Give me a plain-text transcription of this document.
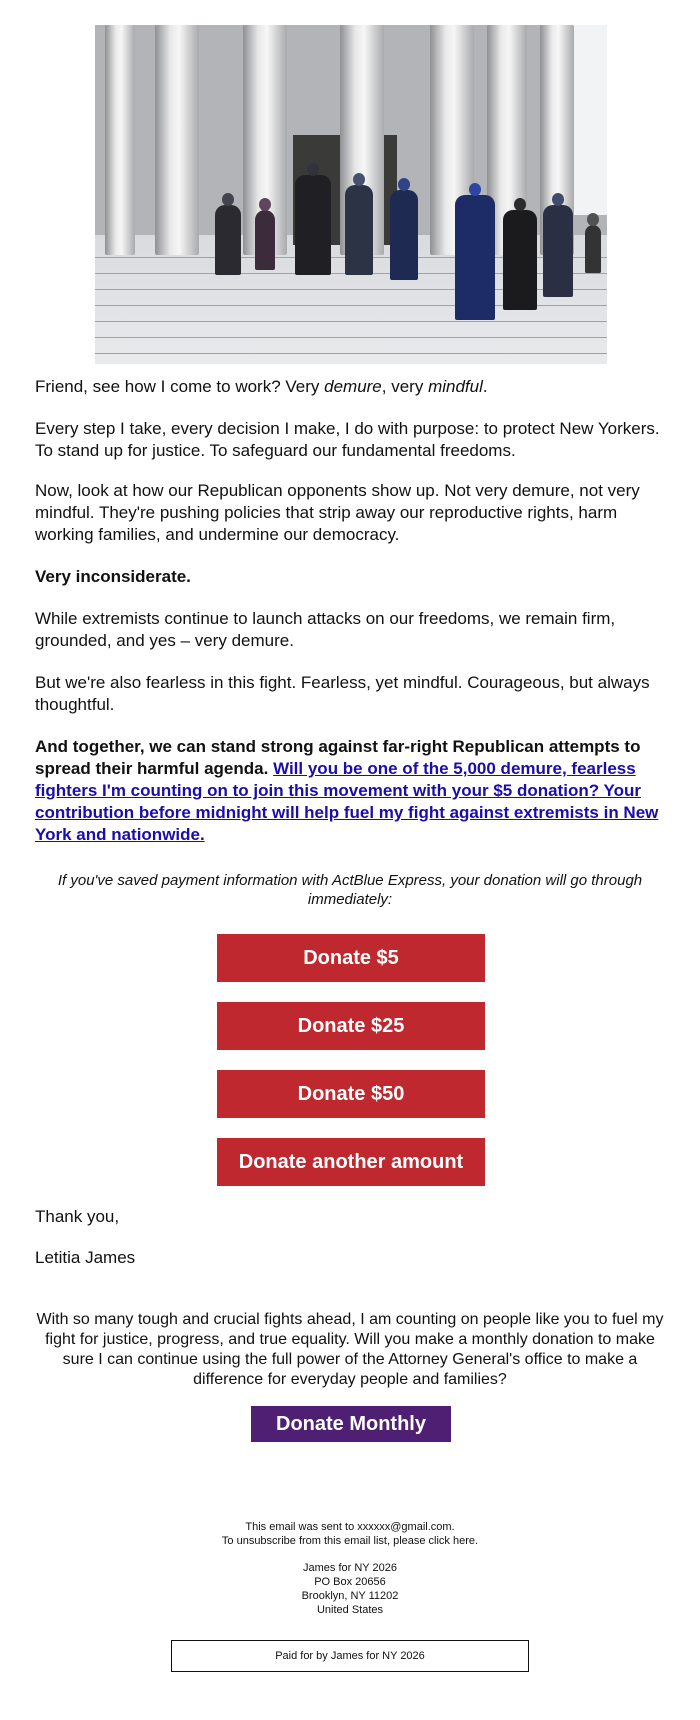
Friend, see how I come to work? Very demure, very mindful.
Every step I take, every decision I make, I do with purpose: to protect New Yorkers. To stand up for justice. To safeguard our fundamental freedoms.
Now, look at how our Republican opponents show up. Not very demure, not very mindful. They're pushing policies that strip away our reproductive rights, harm working families, and undermine our democracy.
Very inconsiderate.
While extremists continue to launch attacks on our freedoms, we remain firm, grounded, and yes – very demure.
But we're also fearless in this fight. Fearless, yet mindful. Courageous, but always thoughtful.
And together, we can stand strong against far-right Republican attempts to spread their harmful agenda. Will you be one of the 5,000 demure, fearless fighters I'm counting on to join this movement with your $5 donation? Your contribution before midnight will help fuel my fight against extremists in New York and nationwide.
If you've saved payment information with ActBlue Express, your donation will go through immediately:
Donate $5
Donate $25
Donate $50
Donate another amount
Thank you,
Letitia James
With so many tough and crucial fights ahead, I am counting on people like you to fuel my fight for justice, progress, and true equality. Will you make a monthly donation to make sure I can continue using the full power of the Attorney General's office to make a difference for everyday people and families?
Donate Monthly
This email was sent to xxxxxx@gmail.com.
To unsubscribe from this email list, please click here.
James for NY 2026
PO Box 20656
Brooklyn, NY 11202
United States
Paid for by James for NY 2026
